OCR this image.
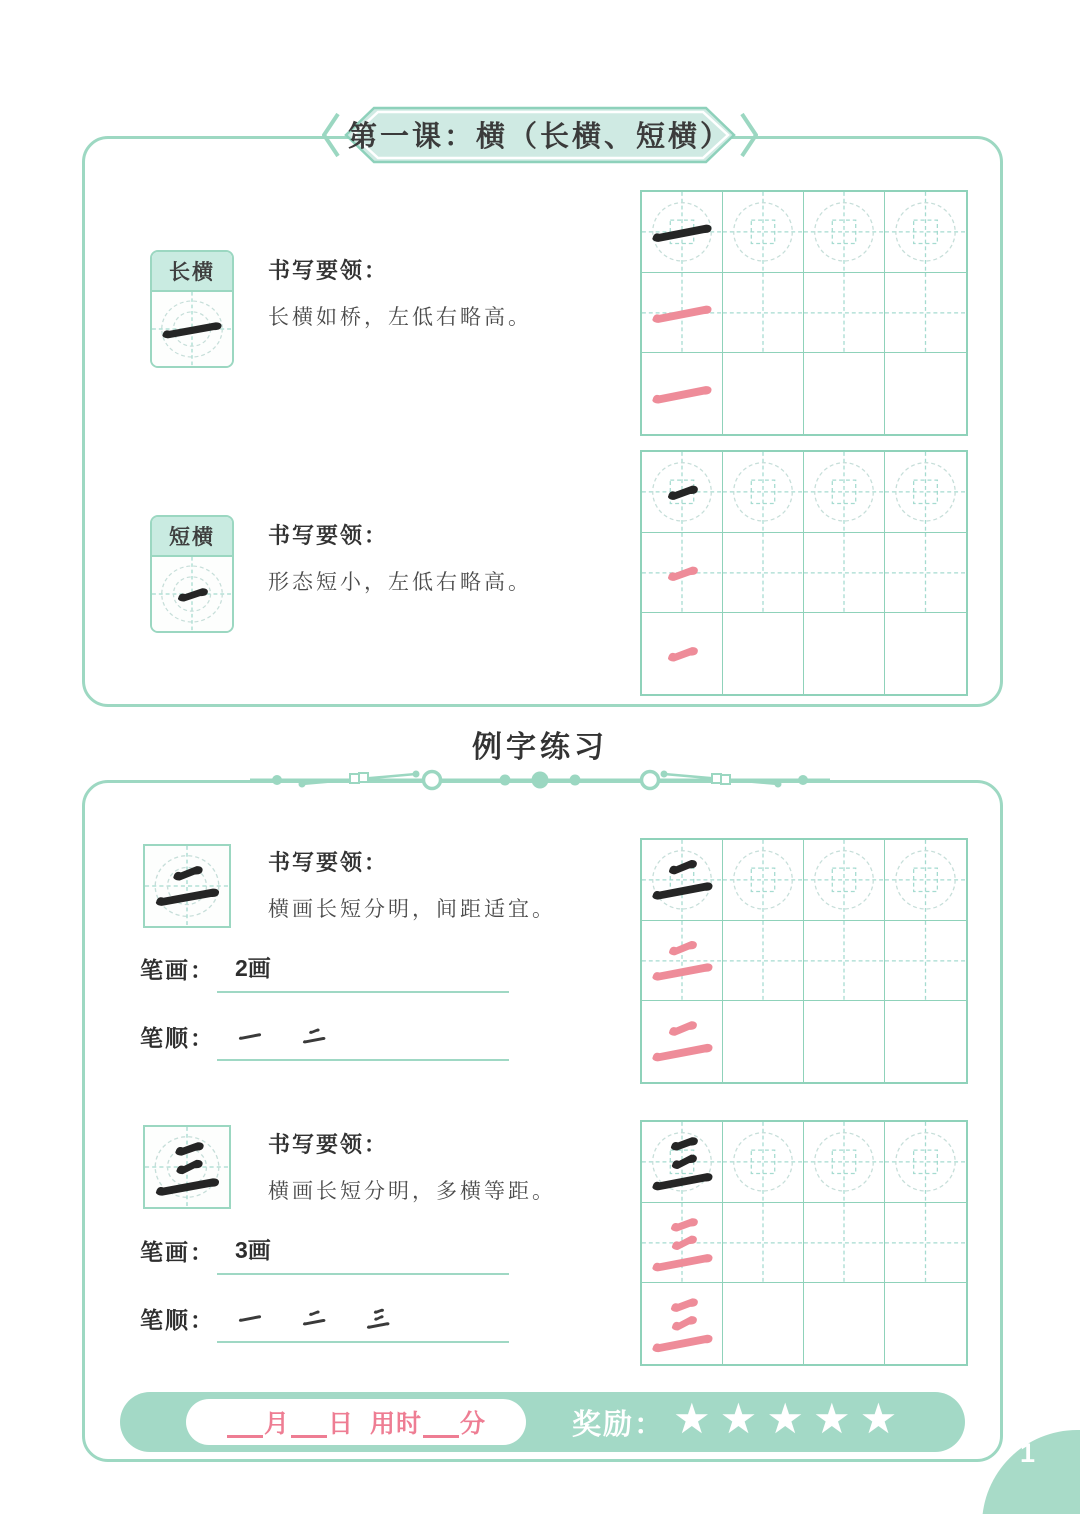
第一课：横（长横、短横）
长横	书写要领：
长横如桥，左低右略高。
短横	书写要领：
形态短小，左低右略高。
例字练习
书写要领：
横画长短分明，间距适宜。
笔画： 2画
笔顺：
书写要领：
横画长短分明，多横等距。
笔画： 3画
笔顺：
月 日 用时 分	奖励： ★★★★★
1
